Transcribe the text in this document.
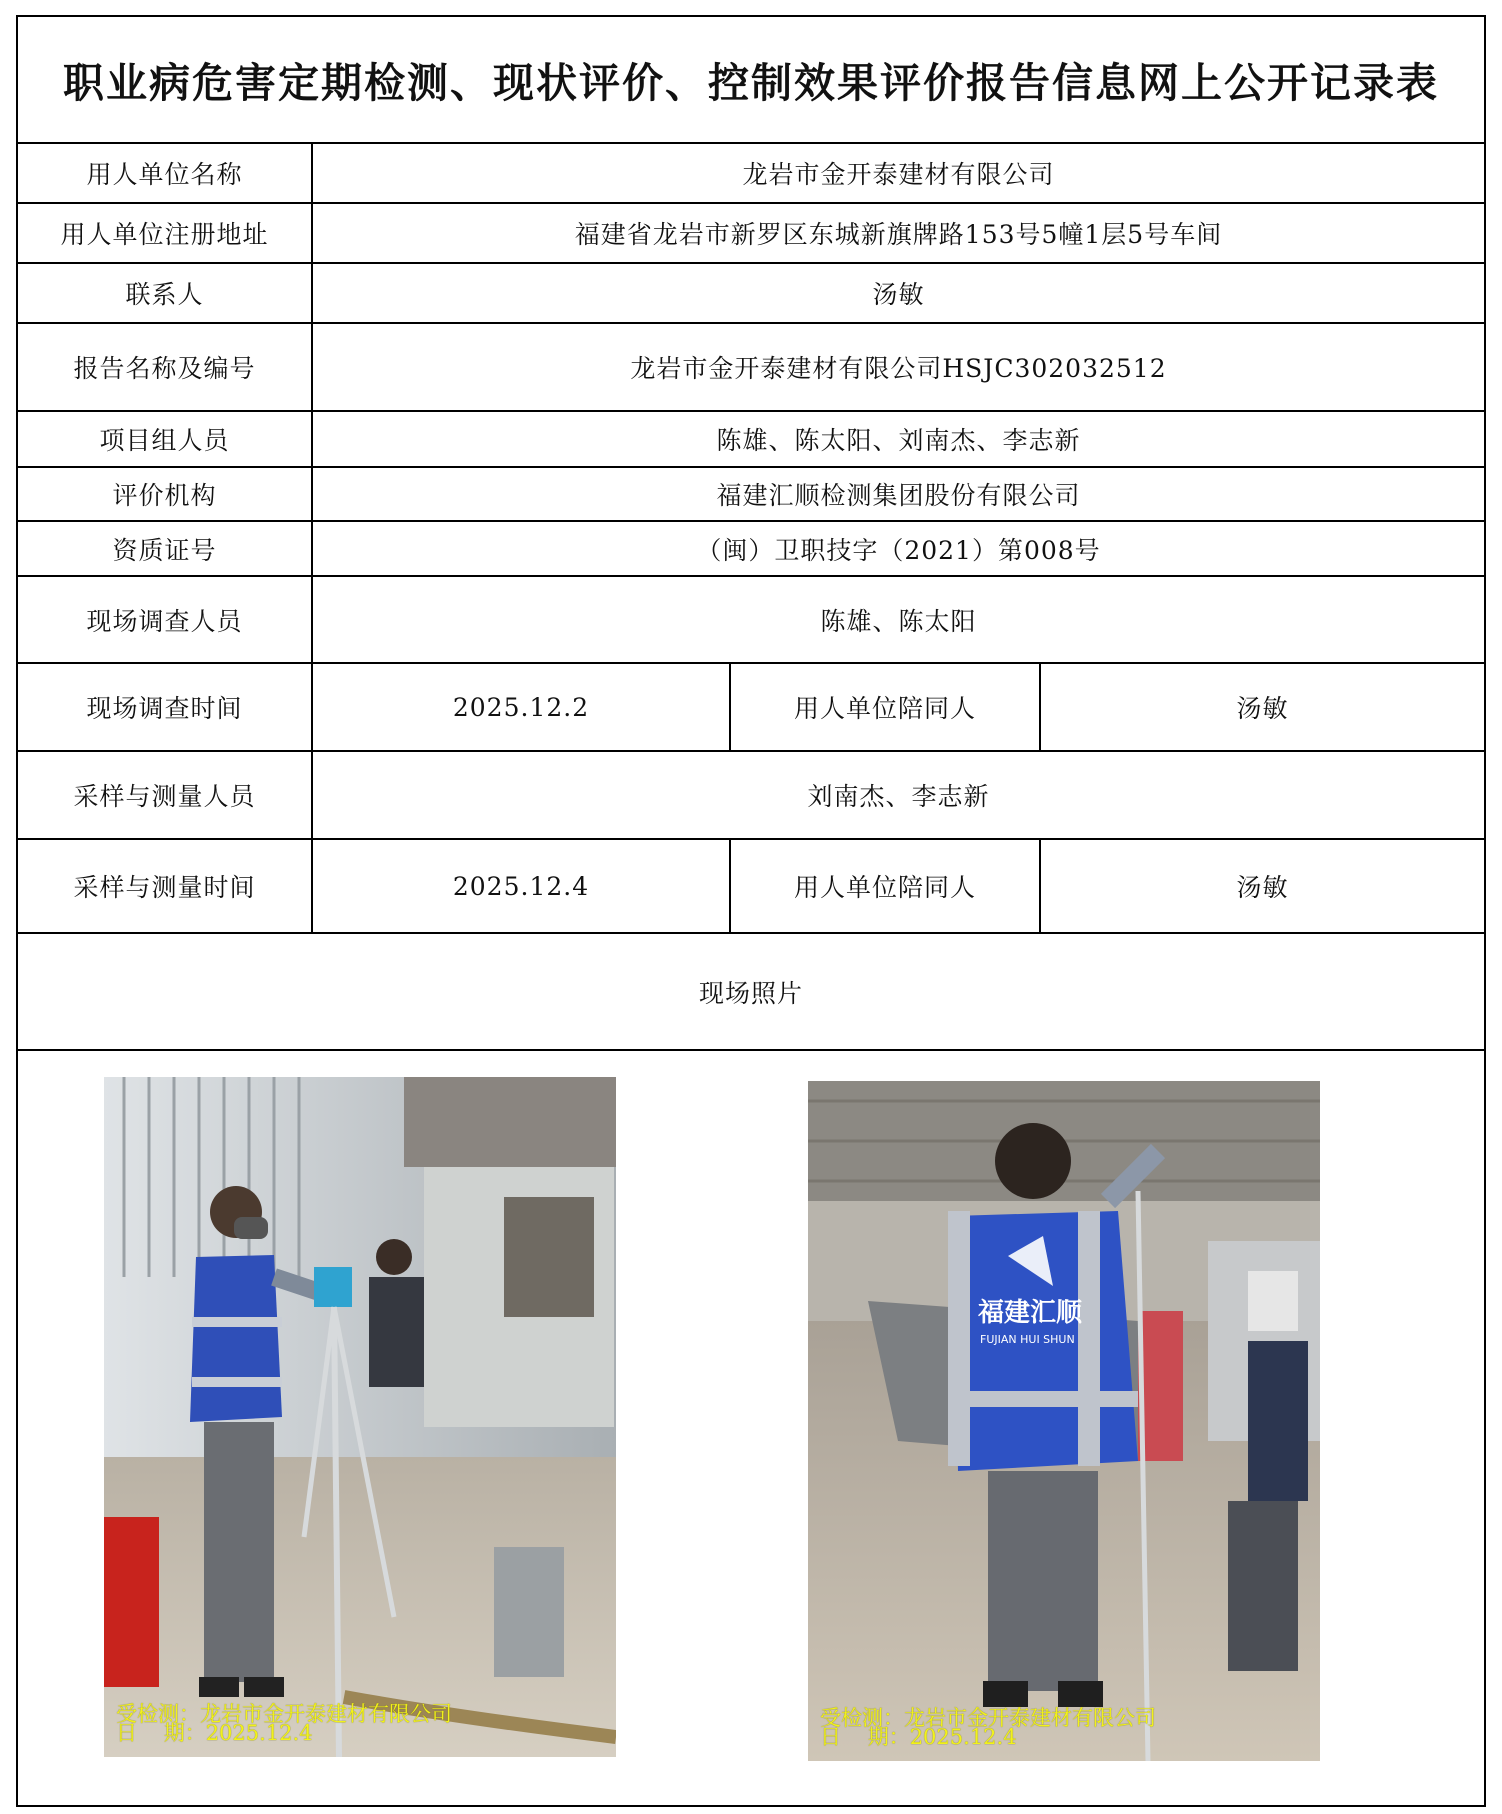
职业病危害定期检测、现状评价、控制效果评价报告信息网上公开记录表
用人单位名称	龙岩市金开泰建材有限公司
用人单位注册地址	福建省龙岩市新罗区东城新旗牌路153号5幢1层5号车间
联系人	汤敏
报告名称及编号	龙岩市金开泰建材有限公司HSJC302032512
项目组人员	陈雄、陈太阳、刘南杰、李志新
评价机构	福建汇顺检测集团股份有限公司
资质证号	（闽）卫职技字（2021）第008号
现场调查人员	陈雄、陈太阳
现场调查时间	2025.12.2	用人单位陪同人	汤敏
采样与测量人员	刘南杰、李志新
采样与测量时间	2025.12.4	用人单位陪同人	汤敏
现场照片
受检测：龙岩市金开泰建材有限公司
日    期：2025.12.4
福建汇顺
FUJIAN HUI SHUN
受检测：龙岩市金开泰建材有限公司
日    期：2025.12.4
